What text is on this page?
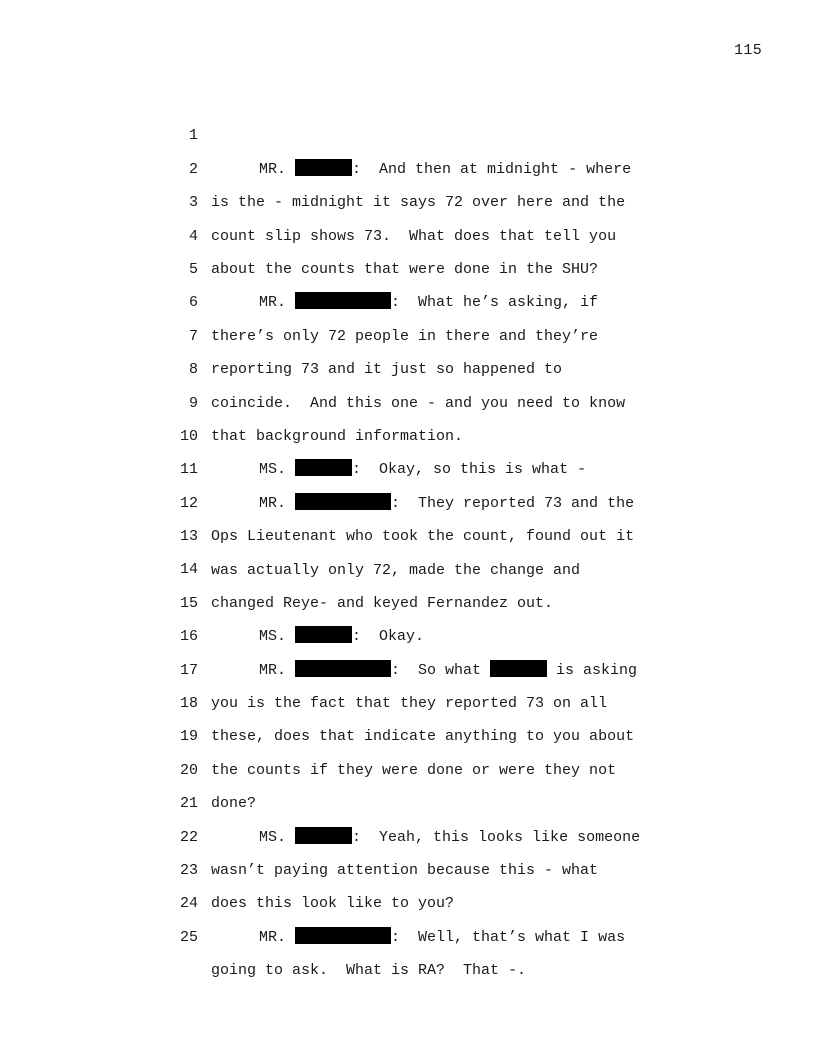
115

1

MR.	:  And then at midnight - where

2

is the - midnight it says 72 over here and the

3

count slip shows 73.  What does that tell you

4

about the counts that were done in the SHU?

5

MR.	:  What he’s asking, if

6

there’s only 72 people in there and they’re

7

reporting 73 and it just so happened to

8

coincide.  And this one - and you need to know

9

that background information.

10

MS.	:  Okay, so this is what -

11

MR.	:  They reported 73 and the

12

Ops Lieutenant who took the count, found out it

13

was actually only 72, made the change and

14

changed Reye- and keyed Fernandez out.

15

MS.	:  Okay.

16

MR.	:  So what	is asking

17

you is the fact that they reported 73 on all

18

these, does that indicate anything to you about

19

the counts if they were done or were they not

20

done?

21

MS.	:  Yeah, this looks like someone

22

wasn’t paying attention because this - what

23

does this look like to you?

24

MR.	:  Well, that’s what I was

25

going to ask.  What is RA?  That -.
